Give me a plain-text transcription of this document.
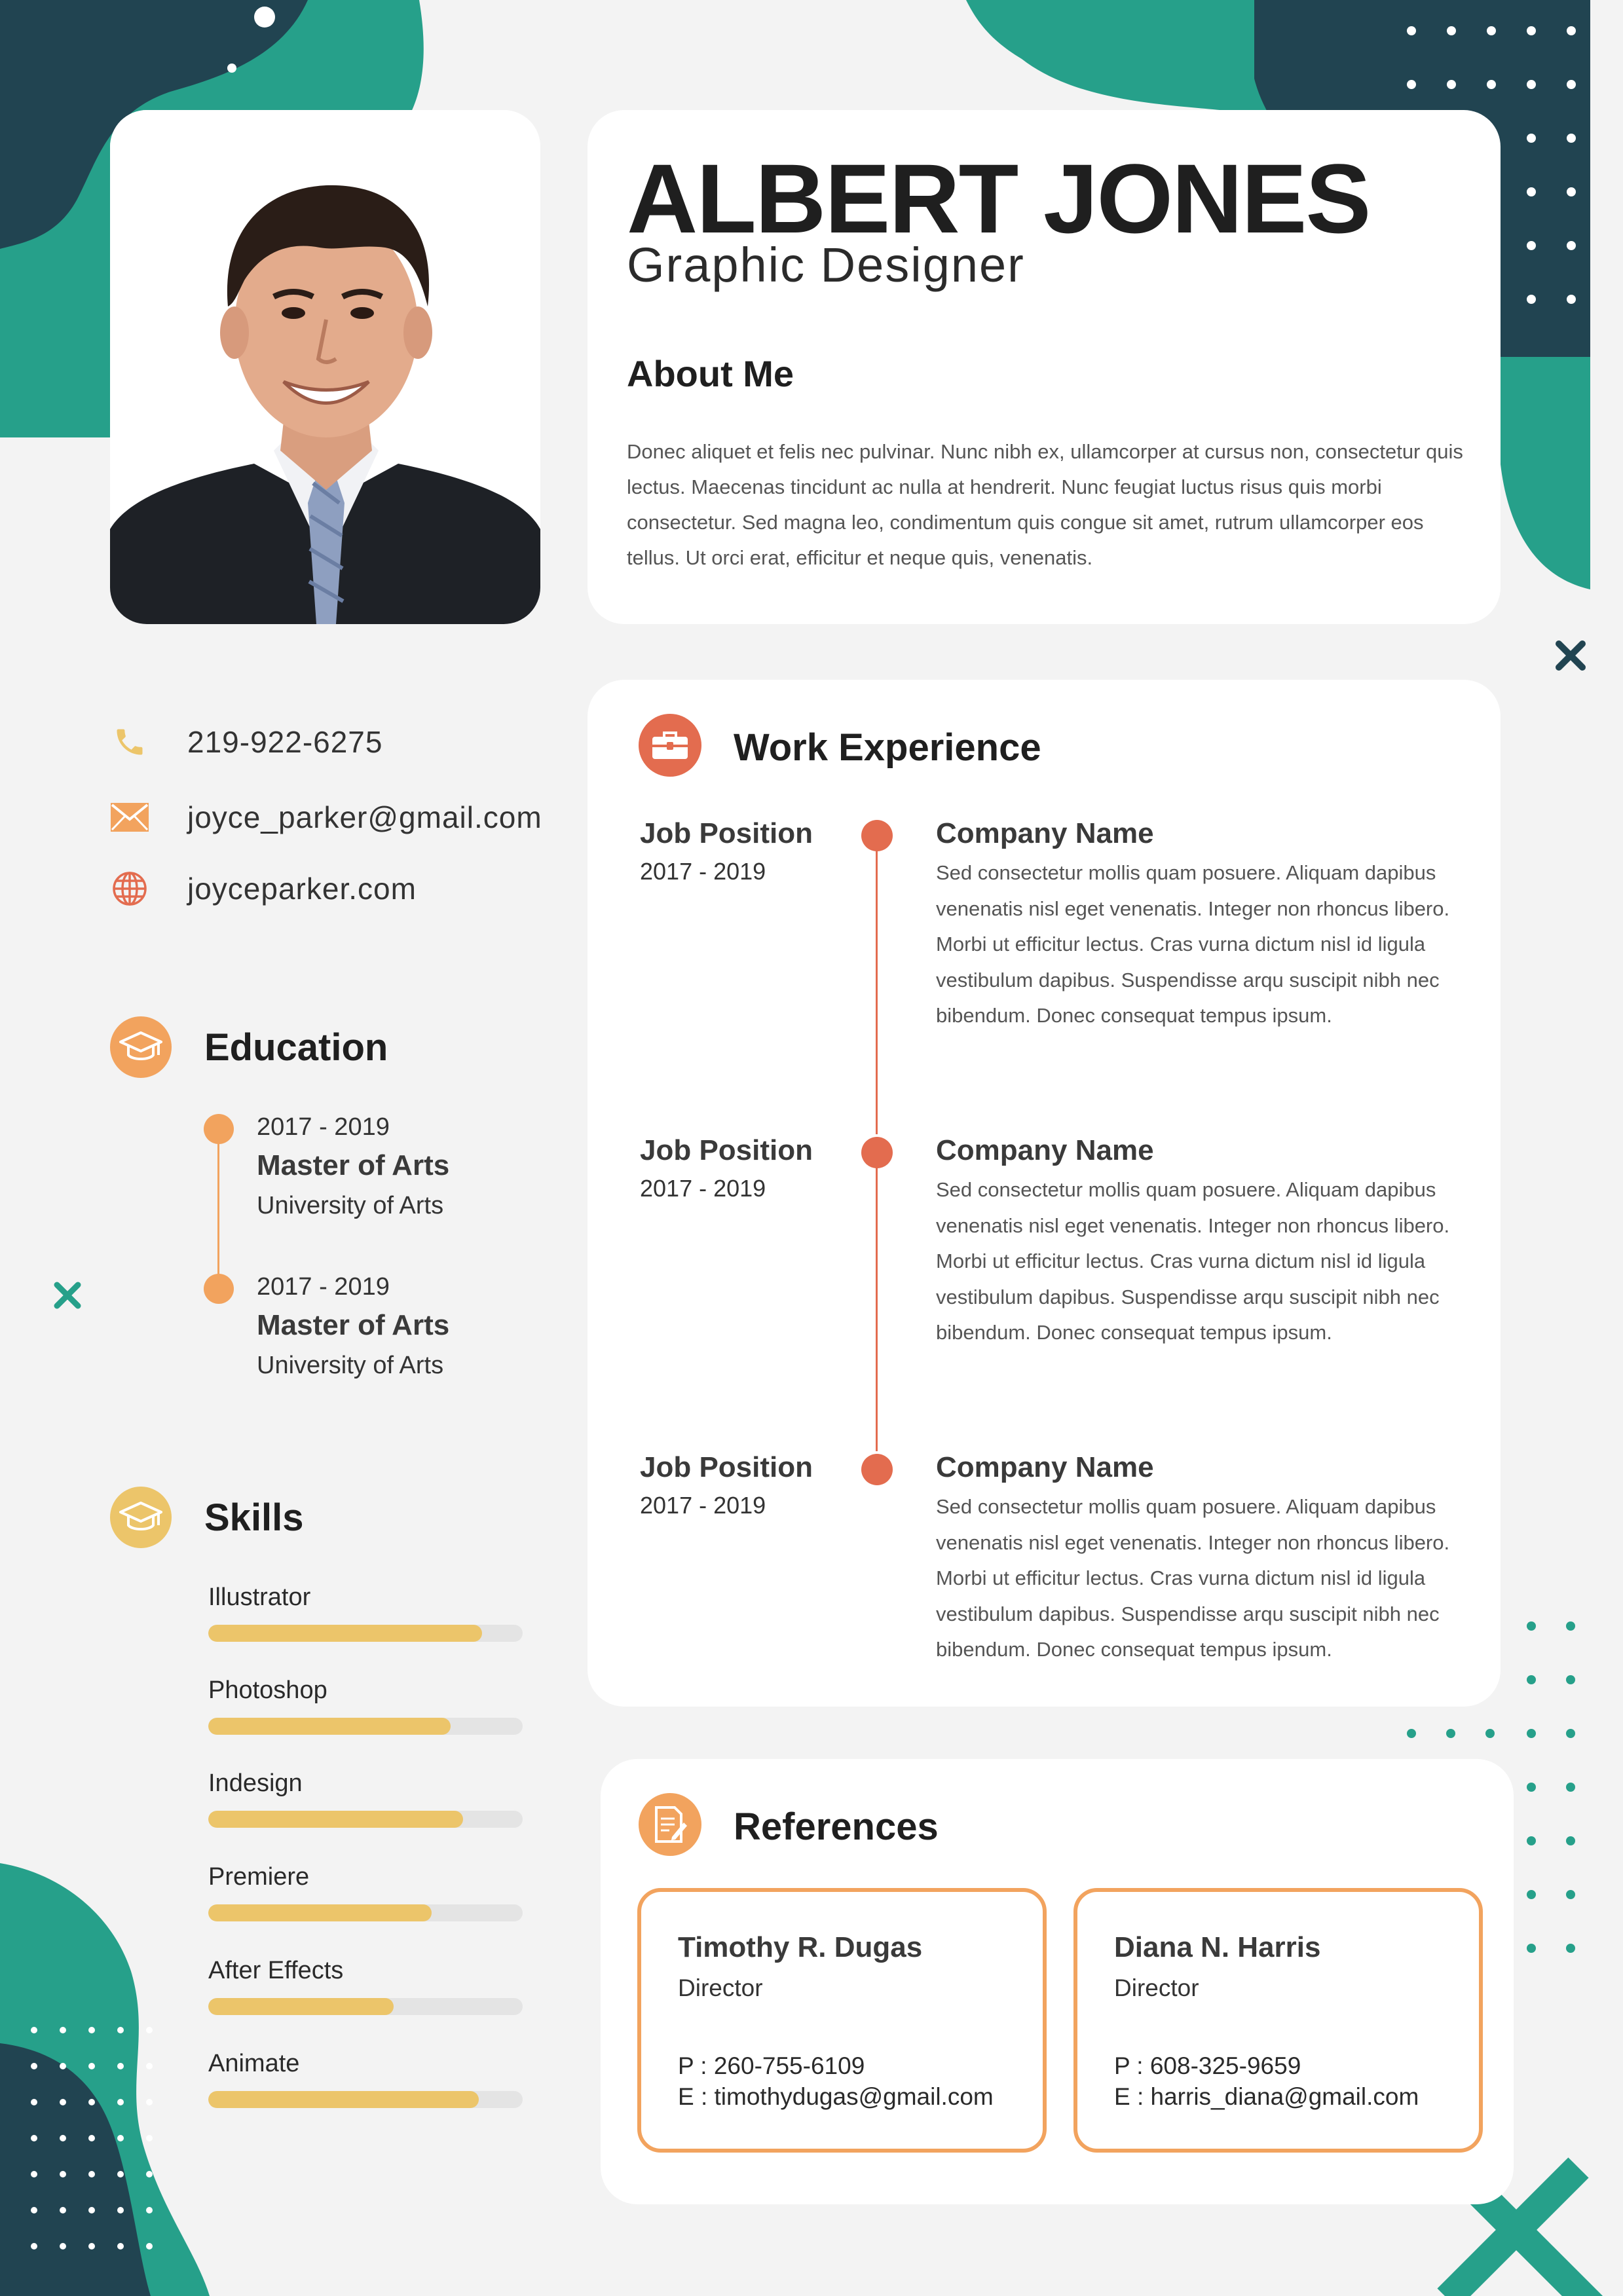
ALBERT JONES
Graphic Designer
About Me
Donec aliquet et felis nec pulvinar. Nunc nibh ex, ullamcorper at cursus non, consectetur quis lectus. Maecenas tincidunt ac nulla at hendrerit. Nunc feugiat luctus risus quis morbi consectetur. Sed magna leo, condimentum quis congue sit amet, rutrum ullamcorper eos tellus. Ut orci erat, efficitur et neque quis, venenatis.
219-922-6275
joyce_parker@gmail.com
joyceparker.com
Education
2017 - 2019
Master of Arts
University of Arts
2017 - 2019
Master of Arts
University of Arts
Skills
Illustrator
Photoshop
Indesign
Premiere
After Effects
Animate
Work Experience
Job Position
2017 - 2019
Company Name
Sed consectetur mollis quam posuere. Aliquam dapibus venenatis nisl eget venenatis. Integer non rhoncus libero. Morbi ut efficitur lectus. Cras vurna dictum nisl id ligula vestibulum dapibus. Suspendisse arqu suscipit nibh nec bibendum. Donec consequat tempus ipsum.
Job Position
2017 - 2019
Company Name
Sed consectetur mollis quam posuere. Aliquam dapibus venenatis nisl eget venenatis. Integer non rhoncus libero. Morbi ut efficitur lectus. Cras vurna dictum nisl id ligula vestibulum dapibus. Suspendisse arqu suscipit nibh nec bibendum. Donec consequat tempus ipsum.
Job Position
2017 - 2019
Company Name
Sed consectetur mollis quam posuere. Aliquam dapibus venenatis nisl eget venenatis. Integer non rhoncus libero. Morbi ut efficitur lectus. Cras vurna dictum nisl id ligula vestibulum dapibus. Suspendisse arqu suscipit nibh nec bibendum. Donec consequat tempus ipsum.
References
Timothy R. Dugas
Director
P : 260-755-6109
E : timothydugas@gmail.com
Diana N. Harris
Director
P : 608-325-9659
E : harris_diana@gmail.com
